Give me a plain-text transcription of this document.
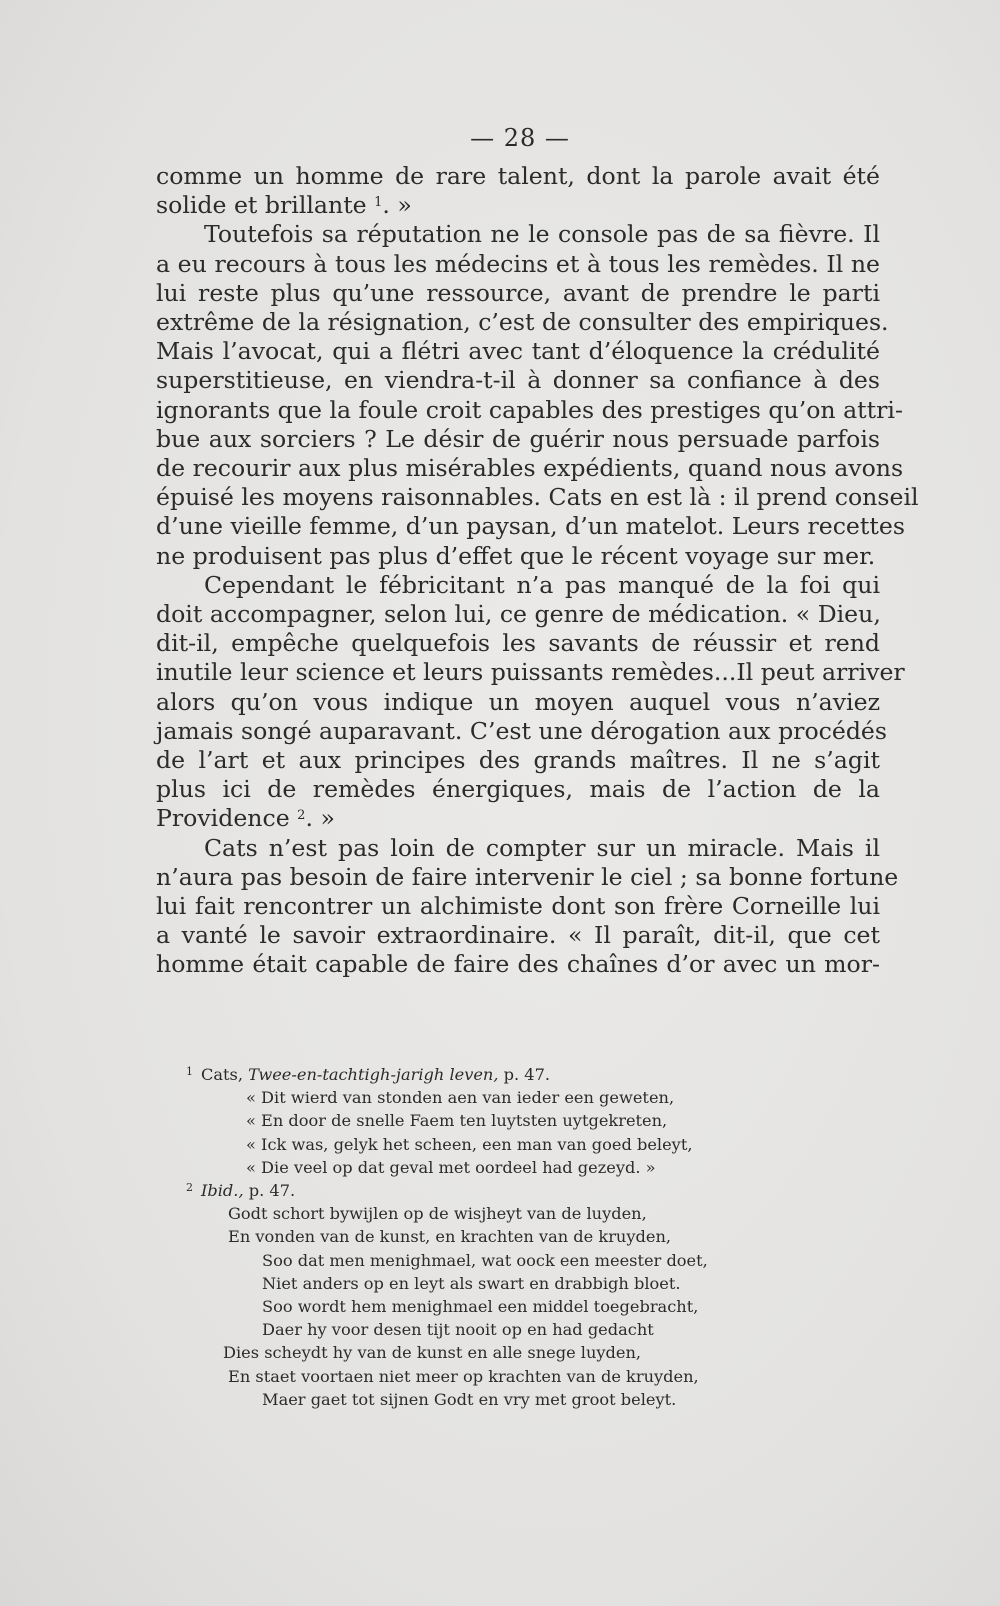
— 28 —
comme un homme de rare talent, dont la parole avait été
solide et brillante $^1$. »
Toutefois sa réputation ne le console pas de sa fièvre. Il
a eu recours à tous les médecins et à tous les remèdes. Il ne
lui reste plus qu’une ressource, avant de prendre le parti
extrême de la résignation, c’est de consulter des empiriques.
Mais l’avocat, qui a flétri avec tant d’éloquence la crédulité
superstitieuse, en viendra-t-il à donner sa confiance à des
ignorants que la foule croit capables des prestiges qu’on attri-
bue aux sorciers ? Le désir de guérir nous persuade parfois
de recourir aux plus misérables expédients, quand nous avons
épuisé les moyens raisonnables. Cats en est là : il prend conseil
d’une vieille femme, d’un paysan, d’un matelot. Leurs recettes
ne produisent pas plus d’effet que le récent voyage sur mer.
Cependant le fébricitant n’a pas manqué de la foi qui
doit accompagner, selon lui, ce genre de médication. « Dieu,
dit-il, empêche quelquefois les savants de réussir et rend
inutile leur science et leurs puissants remèdes...Il peut arriver
alors qu’on vous indique un moyen auquel vous n’aviez
jamais songé auparavant. C’est une dérogation aux procédés
de l’art et aux principes des grands maîtres. Il ne s’agit
plus ici de remèdes énergiques, mais de l’action de la
Providence $^2$. »
Cats n’est pas loin de compter sur un miracle. Mais il
n’aura pas besoin de faire intervenir le ciel ; sa bonne fortune
lui fait rencontrer un alchimiste dont son frère Corneille lui
a vanté le savoir extraordinaire. « Il paraît, dit-il, que cet
homme était capable de faire des chaînes d’or avec un mor-
$^1$ Cats, Twee-en-tachtigh-jarigh leven, p. 47.
« Dit wierd van stonden aen van ieder een geweten,
« En door de snelle Faem ten luytsten uytgekreten,
« Ick was, gelyk het scheen, een man van goed beleyt,
« Die veel op dat geval met oordeel had gezeyd. »
$^2$ Ibid., p. 47.
Godt schort bywijlen op de wisjheyt van de luyden,
En vonden van de kunst, en krachten van de kruyden,
Soo dat men menighmael, wat oock een meester doet,
Niet anders op en leyt als swart en drabbigh bloet.
Soo wordt hem menighmael een middel toegebracht,
Daer hy voor desen tijt nooit op en had gedacht
Dies scheydt hy van de kunst en alle snege luyden,
En staet voortaen niet meer op krachten van de kruyden,
Maer gaet tot sijnen Godt en vry met groot beleyt.
